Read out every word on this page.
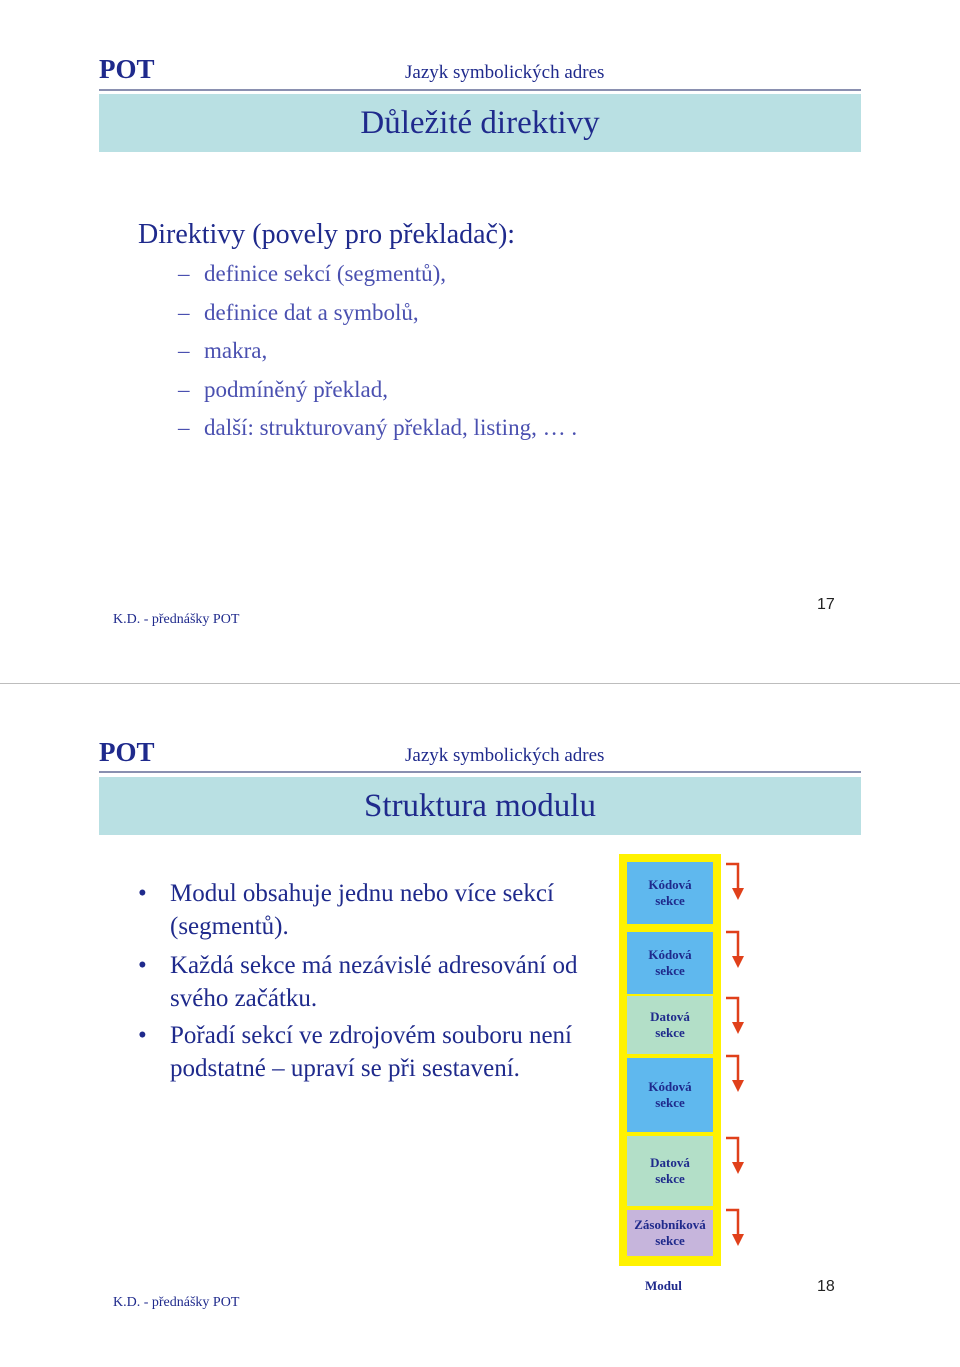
POT	Jazyk symbolických adres
Důležité direktivy
Direktivy (povely pro překladač):
– definice sekcí (segmentů),
– definice dat a symbolů,
– makra,
– podmíněný překlad,
– další: strukturovaný překlad, listing, … .
K.D. - přednášky POT
17
POT	Jazyk symbolických adres
Struktura modulu
• Modul obsahuje jednu nebo více sekcí (segmentů).
• Každá sekce má nezávislé adresování od svého začátku.
• Pořadí sekcí ve zdrojovém souboru není podstatné – upraví se při sestavení.
Kódová
sekce
Kódová
sekce
Datová
sekce
Kódová
sekce
Datová
sekce
Zásobníková
sekce
Modul
K.D. - přednášky POT
18
